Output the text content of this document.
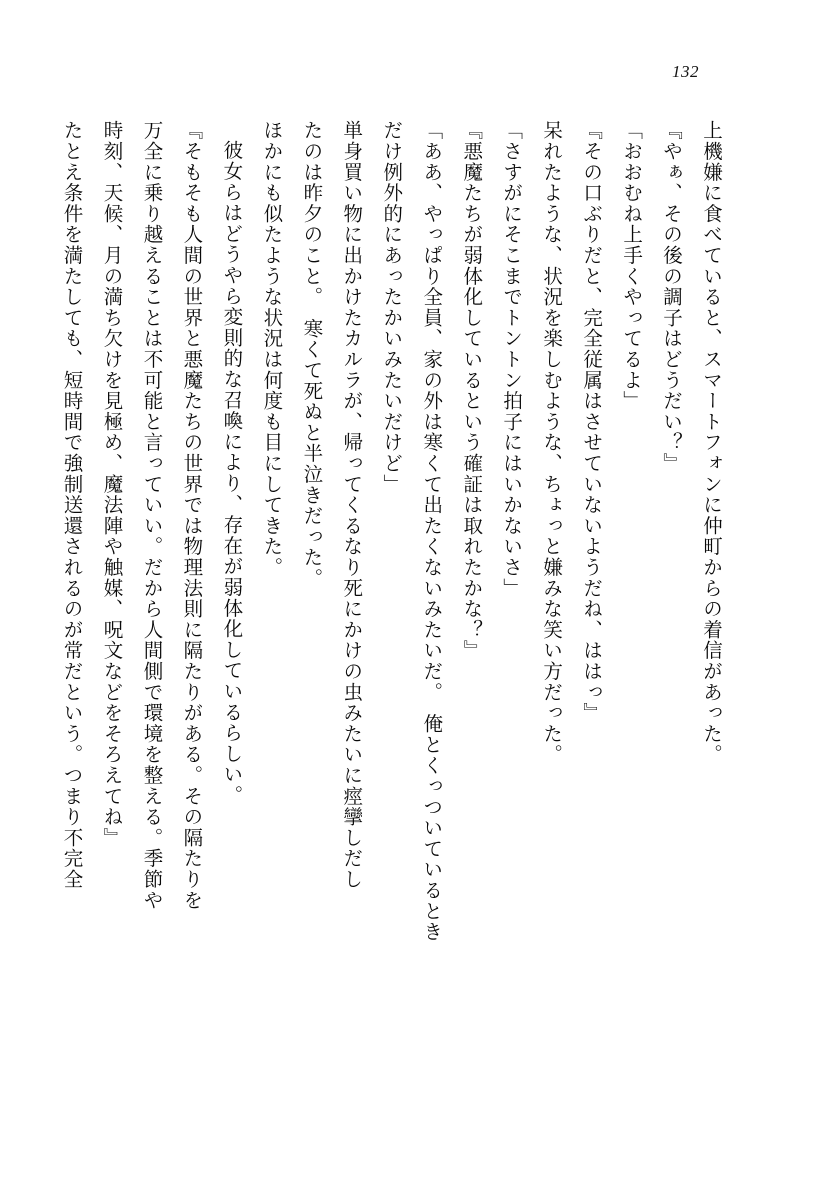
132

上機嫌に食べていると、スマートフォンに仲町からの着信があった。

『やぁ、その後の調子はどうだい？』

「おおむね上手くやってるよ」

『その口ぶりだと、完全従属はさせていないようだね、ははっ』

呆れたような、状況を楽しむような、ちょっと嫌みな笑い方だった。

「さすがにそこまでトントン拍子にはいかないさ」

『悪魔たちが弱体化しているという確証は取れたかな？』

「ああ、やっぱり全員、家の外は寒くて出たくないみたいだ。　俺とくっついているとき

だけ例外的にあったかいみたいだけど」

単身買い物に出かけたカルラが、帰ってくるなり死にかけの虫みたいに痙攣しだし

たのは昨夕のこと。　寒くて死ぬと半泣きだった。

ほかにも似たような状況は何度も目にしてきた。

彼女らはどうやら変則的な召喚により、存在が弱体化しているらしい。

『そもそも人間の世界と悪魔たちの世界では物理法則に隔たりがある。その隔たりを

万全に乗り越えることは不可能と言っていい。だから人間側で環境を整える。季節や

時刻、天候、月の満ち欠けを見極め、魔法陣や触媒、呪文などをそろえてね』

たとえ条件を満たしても、短時間で強制送還されるのが常だという。つまり不完全
